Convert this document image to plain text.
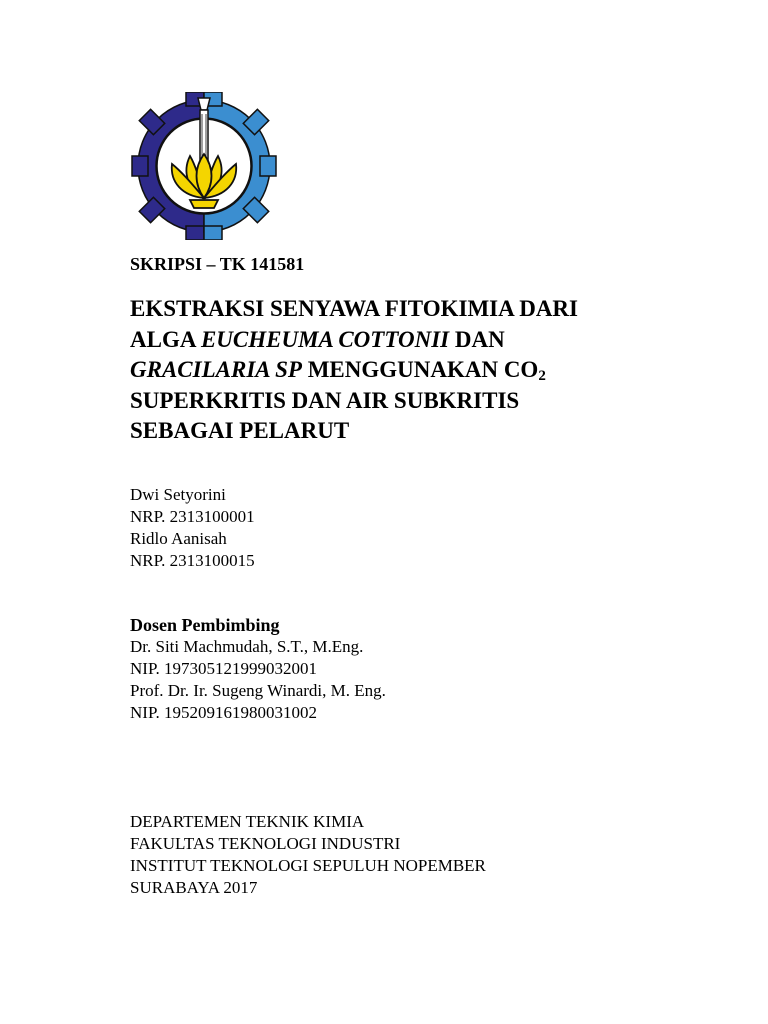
SKRIPSI – TK 141581
EKSTRAKSI SENYAWA FITOKIMIA DARI
ALGA EUCHEUMA COTTONII DAN
GRACILARIA SP MENGGUNAKAN $CO_2$
SUPERKRITIS DAN AIR SUBKRITIS
SEBAGAI PELARUT
Dwi Setyorini
NRP. 2313100001
Ridlo Aanisah
NRP. 2313100015
Dosen Pembimbing
Dr. Siti Machmudah, S.T., M.Eng.
NIP. 197305121999032001
Prof. Dr. Ir. Sugeng Winardi, M. Eng.
NIP. 195209161980031002
DEPARTEMEN TEKNIK KIMIA
FAKULTAS TEKNOLOGI INDUSTRI
INSTITUT TEKNOLOGI SEPULUH NOPEMBER
SURABAYA 2017
